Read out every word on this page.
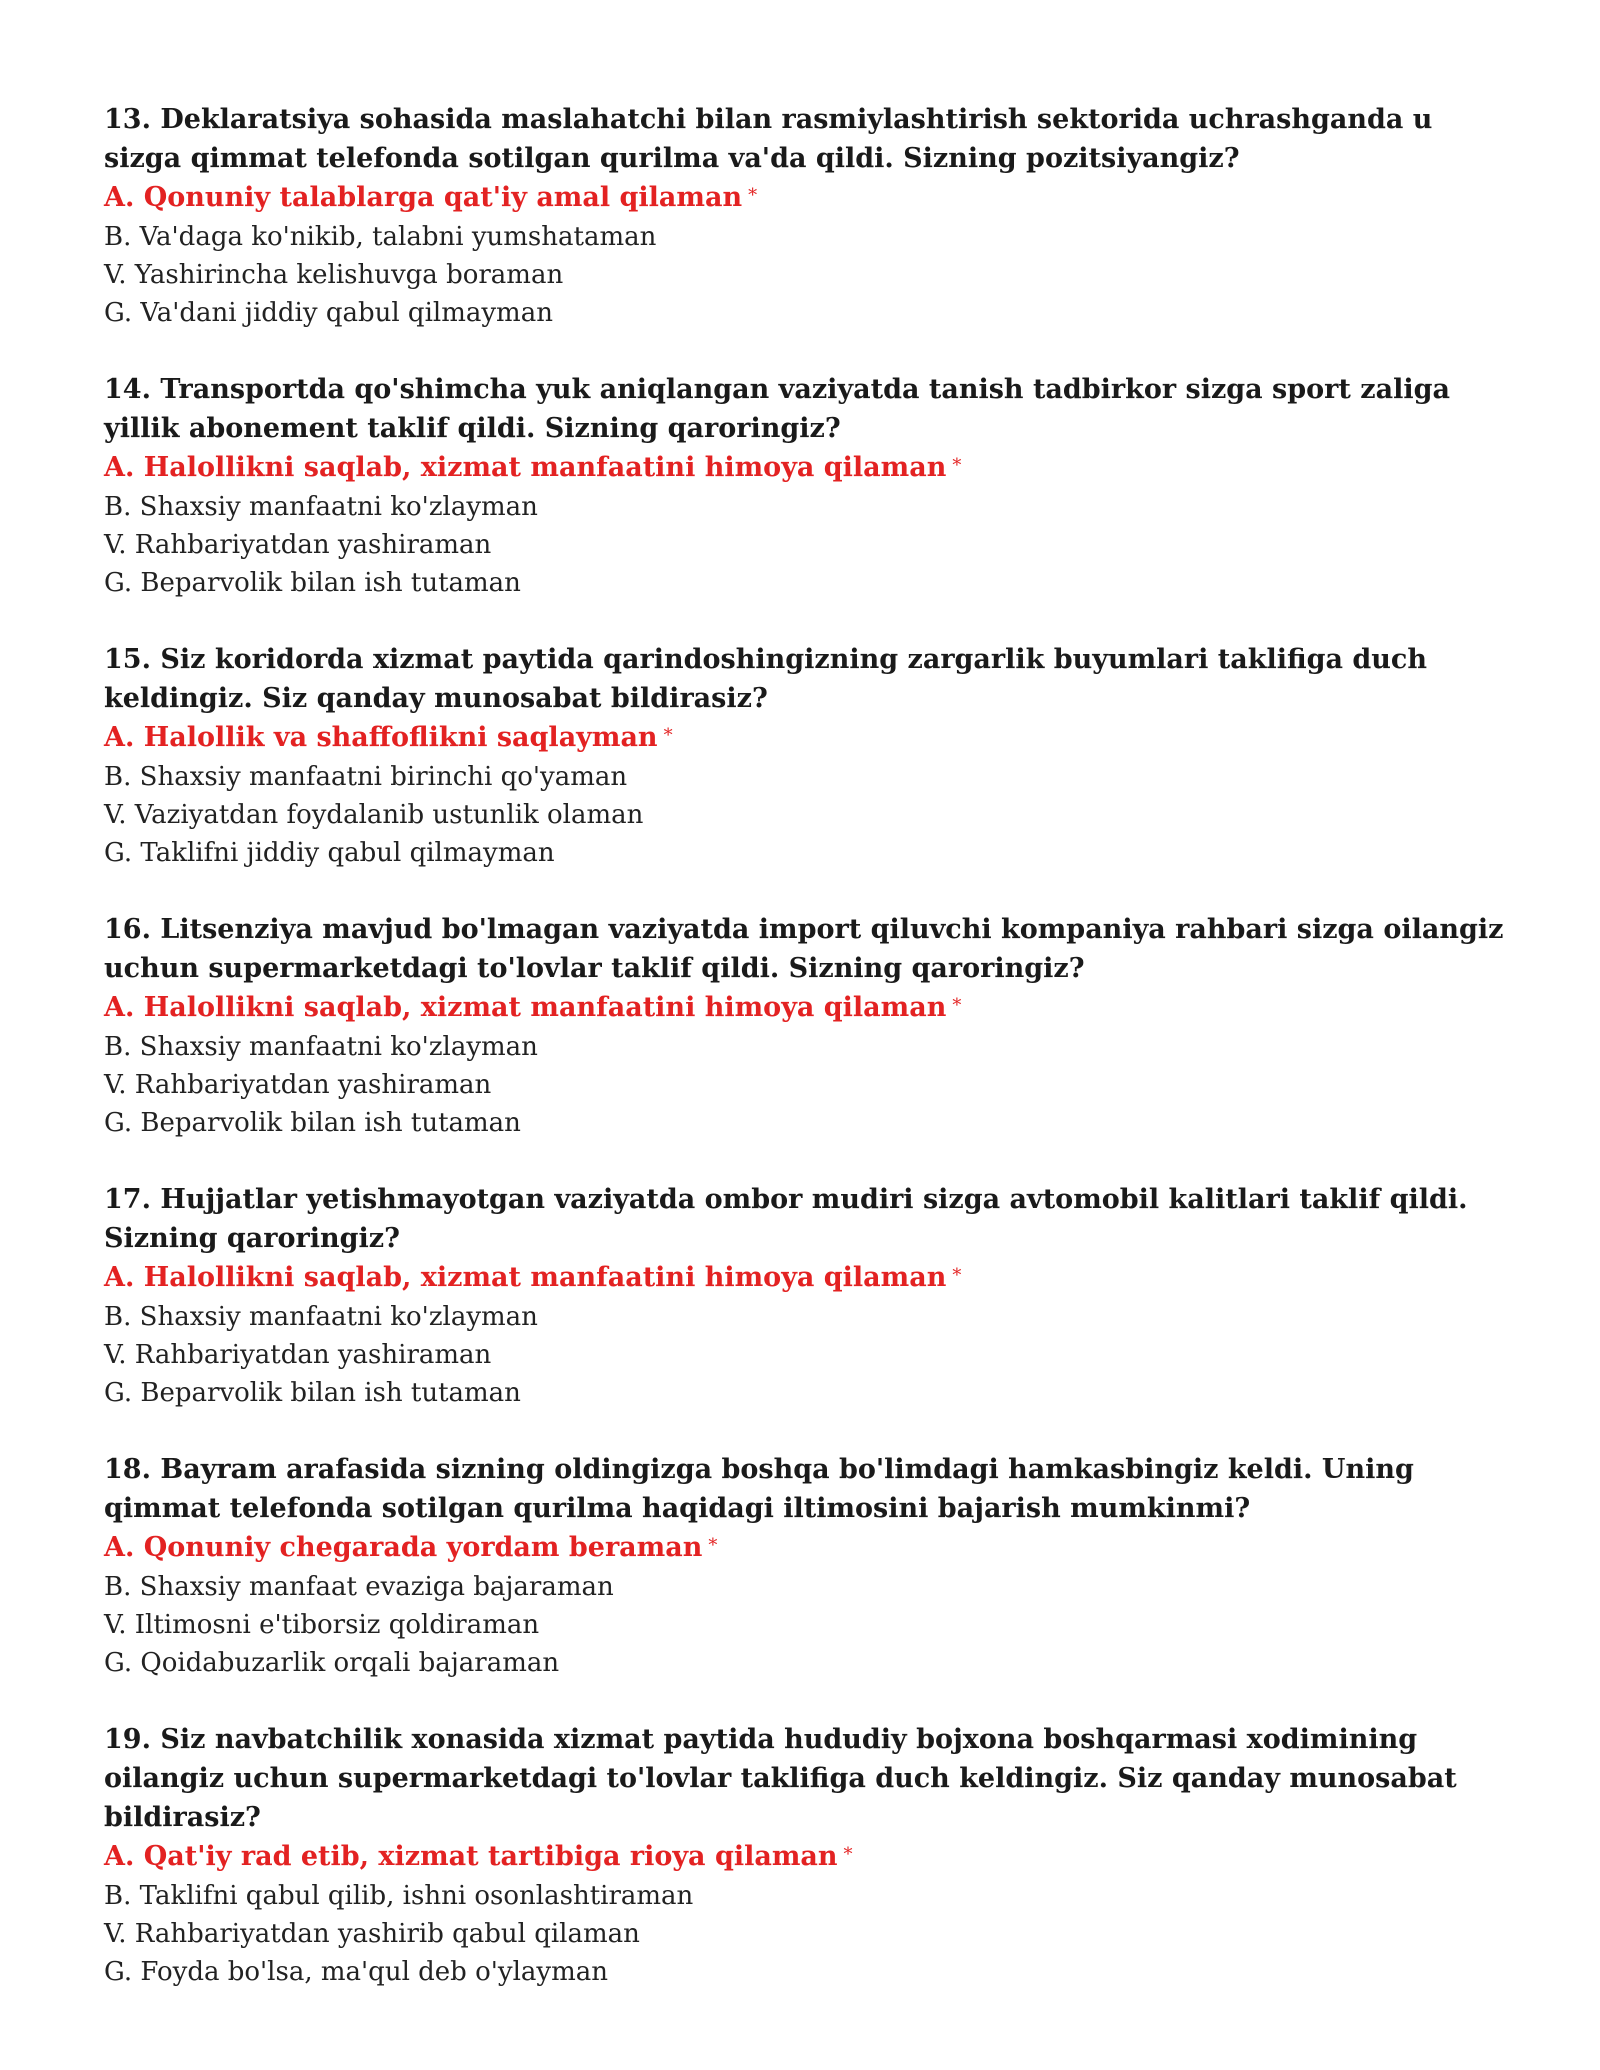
13. Deklaratsiya sohasida maslahatchi bilan rasmiylashtirish sektorida uchrashganda u sizga qimmat telefonda sotilgan qurilma va'da qildi. Sizning pozitsiyangiz?

A. Qonuniy talablarga qat'iy amal qilaman *

B. Va'daga ko'nikib, talabni yumshataman

V. Yashirincha kelishuvga boraman

G. Va'dani jiddiy qabul qilmayman

14. Transportda qo'shimcha yuk aniqlangan vaziyatda tanish tadbirkor sizga sport zaliga yillik abonement taklif qildi. Sizning qaroringiz?

A. Halollikni saqlab, xizmat manfaatini himoya qilaman *

B. Shaxsiy manfaatni ko'zlayman

V. Rahbariyatdan yashiraman

G. Beparvolik bilan ish tutaman

15. Siz koridorda xizmat paytida qarindoshingizning zargarlik buyumlari taklifiga duch keldingiz. Siz qanday munosabat bildirasiz?

A. Halollik va shaffoflikni saqlayman *

B. Shaxsiy manfaatni birinchi qo'yaman

V. Vaziyatdan foydalanib ustunlik olaman

G. Taklifni jiddiy qabul qilmayman

16. Litsenziya mavjud bo'lmagan vaziyatda import qiluvchi kompaniya rahbari sizga oilangiz uchun supermarketdagi to'lovlar taklif qildi. Sizning qaroringiz?

A. Halollikni saqlab, xizmat manfaatini himoya qilaman *

B. Shaxsiy manfaatni ko'zlayman

V. Rahbariyatdan yashiraman

G. Beparvolik bilan ish tutaman

17. Hujjatlar yetishmayotgan vaziyatda ombor mudiri sizga avtomobil kalitlari taklif qildi. Sizning qaroringiz?

A. Halollikni saqlab, xizmat manfaatini himoya qilaman *

B. Shaxsiy manfaatni ko'zlayman

V. Rahbariyatdan yashiraman

G. Beparvolik bilan ish tutaman

18. Bayram arafasida sizning oldingizga boshqa bo'limdagi hamkasbingiz keldi. Uning qimmat telefonda sotilgan qurilma haqidagi iltimosini bajarish mumkinmi?

A. Qonuniy chegarada yordam beraman *

B. Shaxsiy manfaat evaziga bajaraman

V. Iltimosni e'tiborsiz qoldiraman

G. Qoidabuzarlik orqali bajaraman

19. Siz navbatchilik xonasida xizmat paytida hududiy bojxona boshqarmasi xodimining oilangiz uchun supermarketdagi to'lovlar taklifiga duch keldingiz. Siz qanday munosabat bildirasiz?

A. Qat'iy rad etib, xizmat tartibiga rioya qilaman *

B. Taklifni qabul qilib, ishni osonlashtiraman

V. Rahbariyatdan yashirib qabul qilaman

G. Foyda bo'lsa, ma'qul deb o'ylayman
